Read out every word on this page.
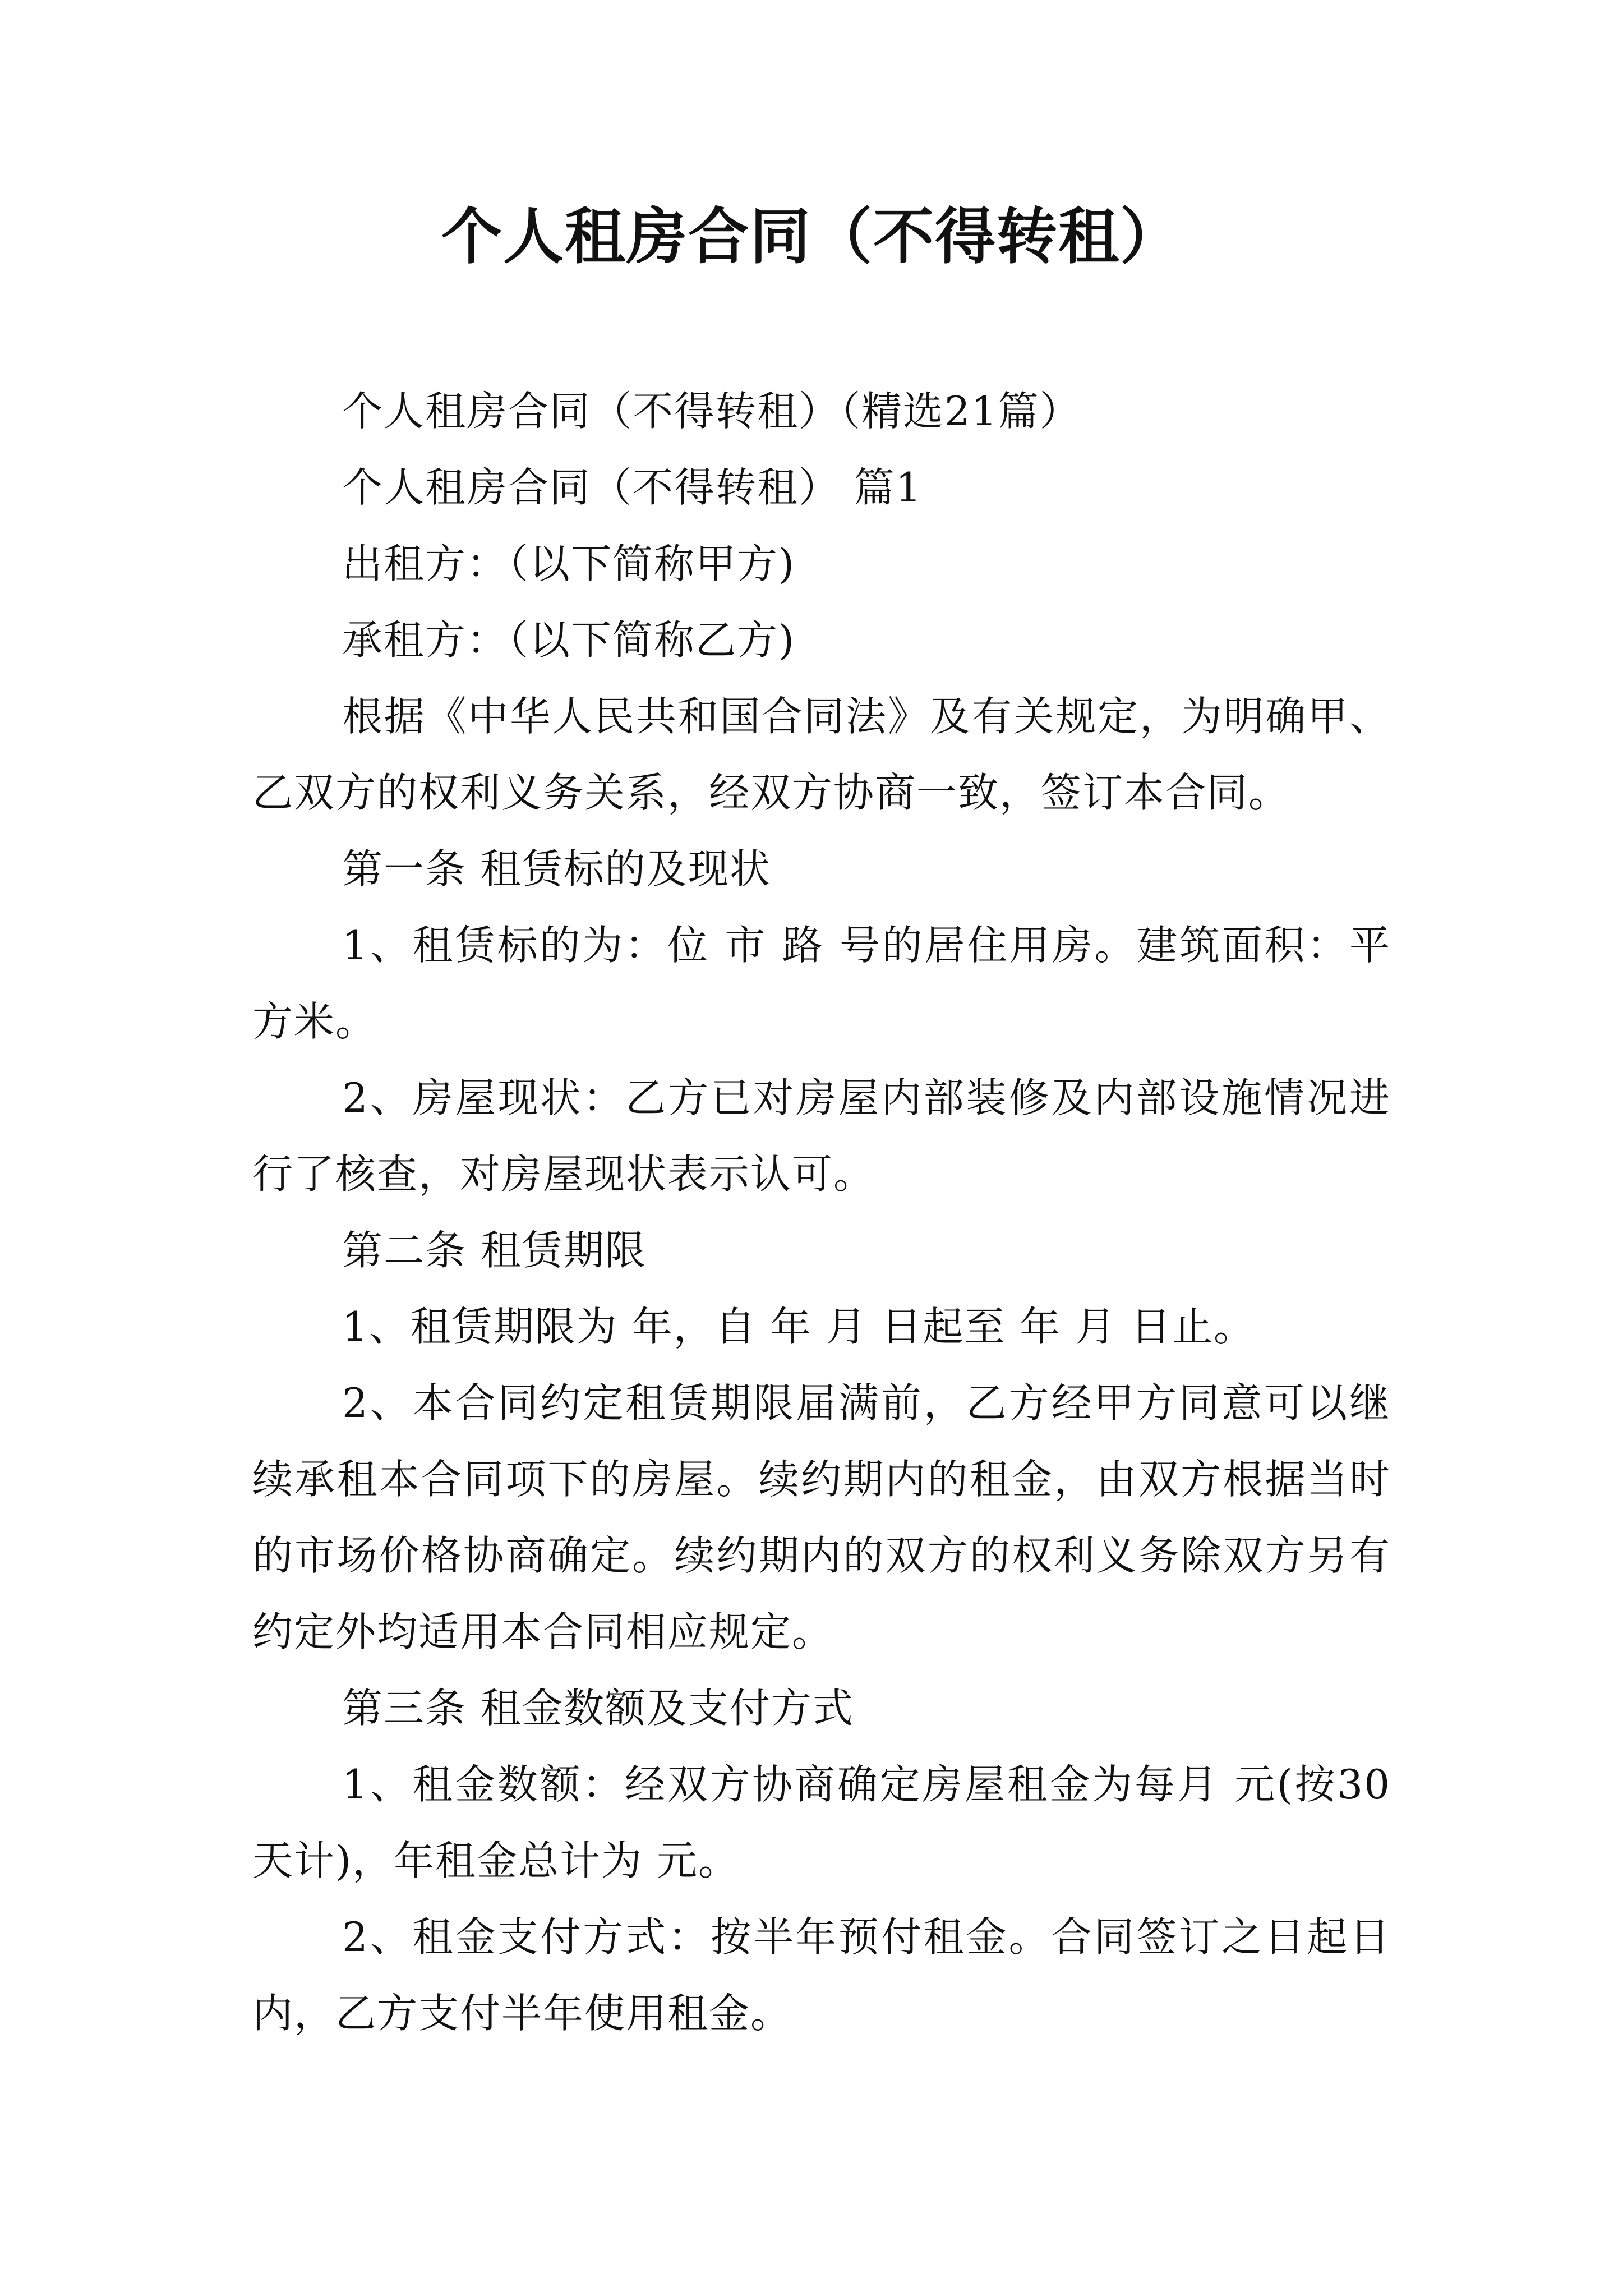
个人租房合同（不得转租）

个人租房合同（不得转租）（精选21篇）

个人租房合同（不得转租） 篇1

出租方：（以下简称甲方)

承租方：（以下简称乙方)

根据《中华人民共和国合同法》及有关规定，为明确甲、乙双方的权利义务关系，经双方协商一致，签订本合同。

第一条 租赁标的及现状

1、租赁标的为：位 市 路 号的居住用房。建筑面积：平方米。

2、房屋现状：乙方已对房屋内部装修及内部设施情况进行了核查，对房屋现状表示认可。

第二条 租赁期限

1、租赁期限为 年，自 年 月 日起至 年 月 日止。

2、本合同约定租赁期限届满前，乙方经甲方同意可以继续承租本合同项下的房屋。续约期内的租金，由双方根据当时的市场价格协商确定。续约期内的双方的权利义务除双方另有约定外均适用本合同相应规定。

第三条 租金数额及支付方式

1、租金数额：经双方协商确定房屋租金为每月 元(按30天计)，年租金总计为 元。

2、租金支付方式：按半年预付租金。合同签订之日起日内，乙方支付半年使用租金。
